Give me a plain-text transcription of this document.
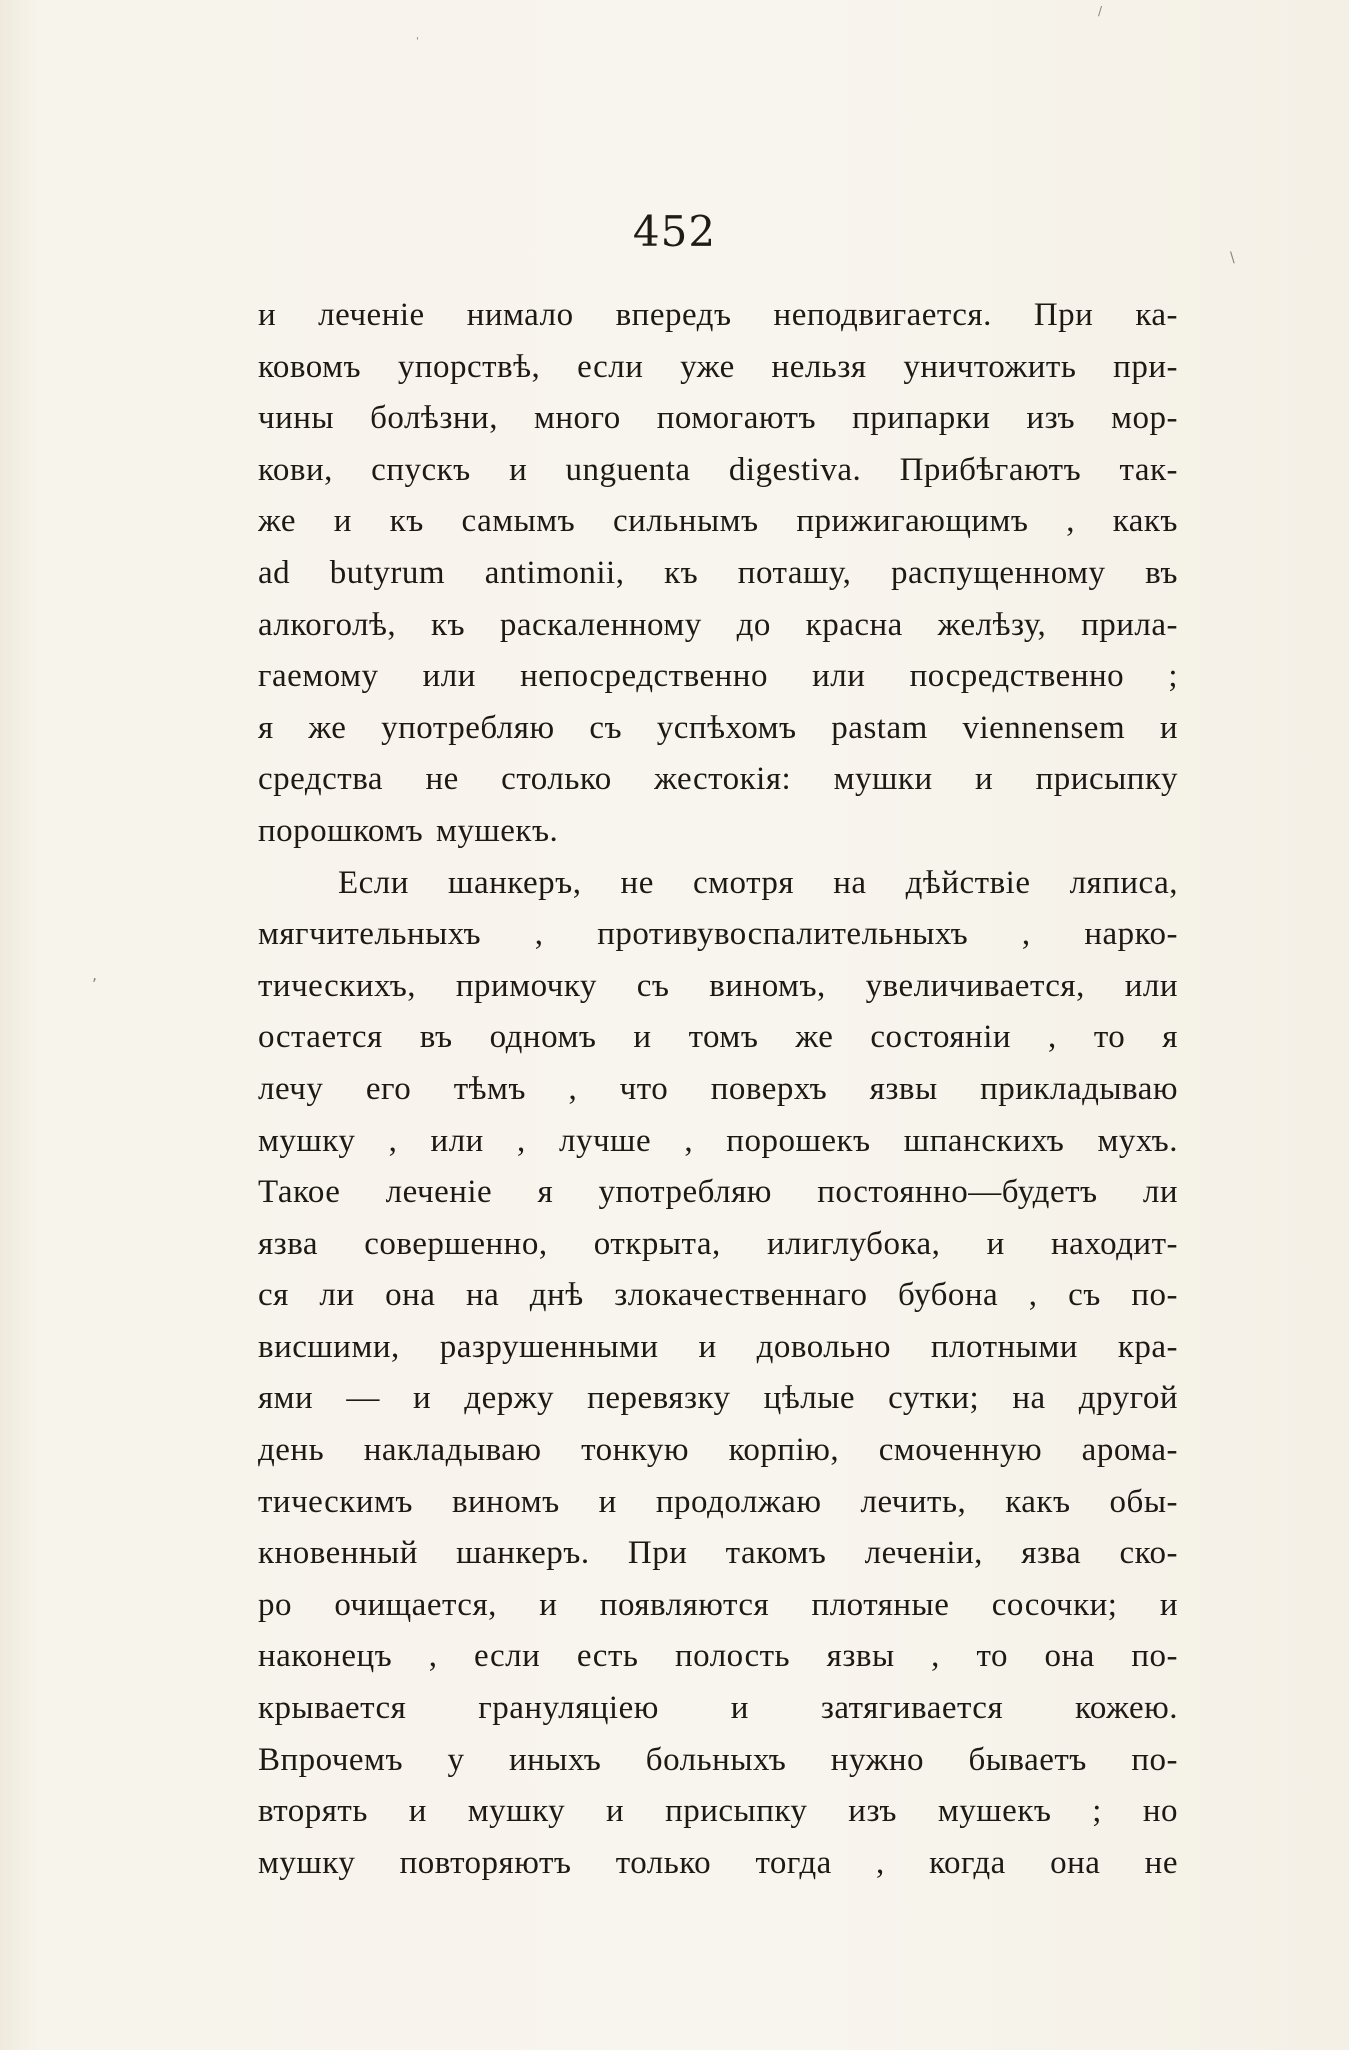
452
и леченіе нимало впередъ неподвигается. При ка-
ковомъ упорствѣ, если уже нельзя уничтожить при-
чины болѣзни, много помогаютъ припарки изъ мор-
кови, спускъ и unguenta digestiva. Прибѣгаютъ так-
же и къ самымъ сильнымъ прижигающимъ , какъ
ad butyrum antimonii, къ поташу, распущенному въ
алкоголѣ, къ раскаленному до красна желѣзу, прила-
гаемому или непосредственно или посредственно ;
я же употребляю съ успѣхомъ pastam viennensem и
средства не столько жестокія: мушки и присыпку
порошкомъ мушекъ.
Если шанкеръ, не смотря на дѣйствіе ляписа,
мягчительныхъ , противувоспалительныхъ , нарко-
тическихъ, примочку съ виномъ, увеличивается, или
остается въ одномъ и томъ же состояніи , то я
лечу его тѣмъ , что поверхъ язвы прикладываю
мушку , или , лучше , порошекъ шпанскихъ мухъ.
Такое леченіе я употребляю постоянно—будетъ ли
язва совершенно, открыта, илиглубока, и находит-
ся ли она на днѣ злокачественнаго бубона , съ по-
висшими, разрушенными и довольно плотными кра-
ями — и держу перевязку цѣлые сутки; на другой
день накладываю тонкую корпію, смоченную арома-
тическимъ виномъ и продолжаю лечить, какъ обы-
кновенный шанкеръ. При такомъ леченіи, язва ско-
ро очищается, и появляются плотяные сосочки; и
наконецъ , если есть полость язвы , то она по-
крывается грануляціею и затягивается кожею.
Впрочемъ у иныхъ больныхъ нужно бываетъ по-
вторять и мушку и присыпку изъ мушекъ ; но
мушку повторяютъ только тогда , когда она не
'
/
\
,
